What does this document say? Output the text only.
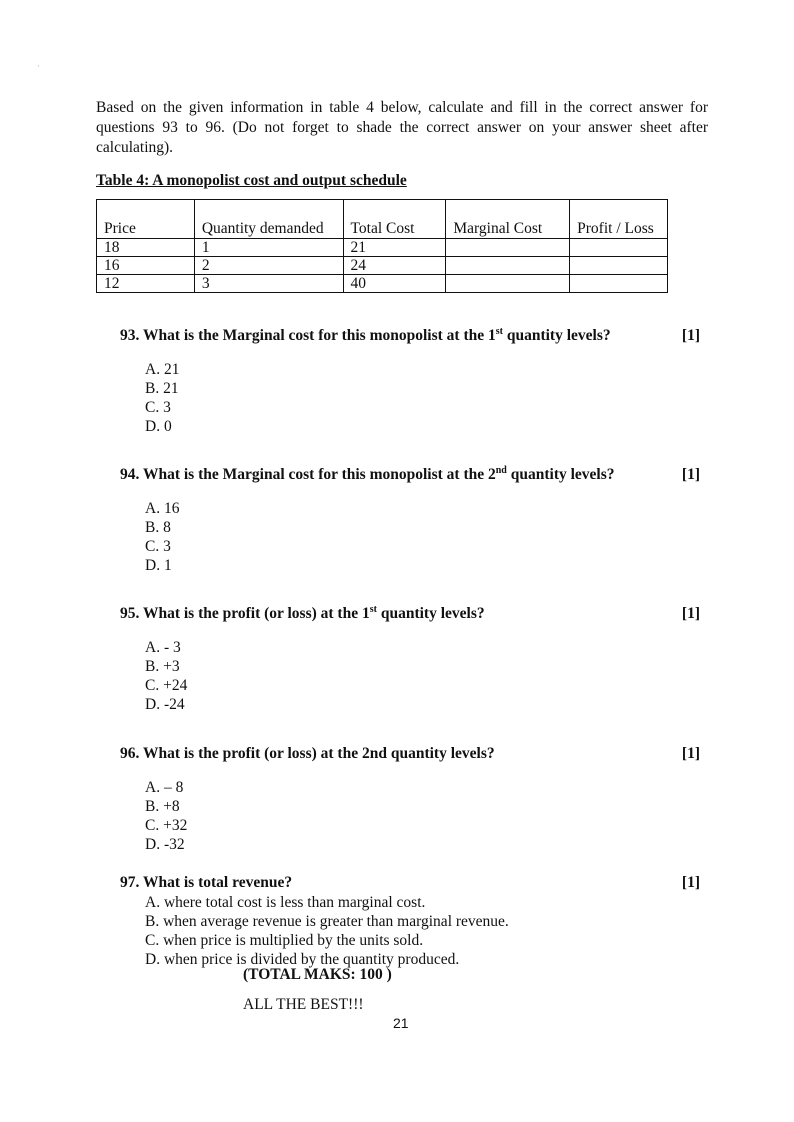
·
Based on the given information in table 4 below, calculate and fill in the correct answer for questions 93 to 96. (Do not forget to shade the correct answer on your answer sheet after calculating).
Table 4: A monopolist cost and output schedule
Price	Quantity demanded	Total Cost	Marginal Cost	Profit / Loss
18	1	21		
16	2	24		
12	3	40		
93. What is the Marginal cost for this monopolist at the 1st quantity levels?	[1]
A. 21
B. 21
C. 3
D. 0
94. What is the Marginal cost for this monopolist at the 2nd quantity levels?	[1]
A. 16
B. 8
C. 3
D. 1
95. What is the profit (or loss) at the 1st quantity levels?	[1]
A. - 3
B. +3
C. +24
D. -24
96. What is the profit (or loss) at the 2nd quantity levels?	[1]
A. – 8
B. +8
C. +32
D. -32
97. What is total revenue?	[1]
A. where total cost is less than marginal cost.
B. when average revenue is greater than marginal revenue.
C. when price is multiplied by the units sold.
D. when price is divided by the quantity produced.
(TOTAL MAKS: 100 )
ALL THE BEST!!!
21
